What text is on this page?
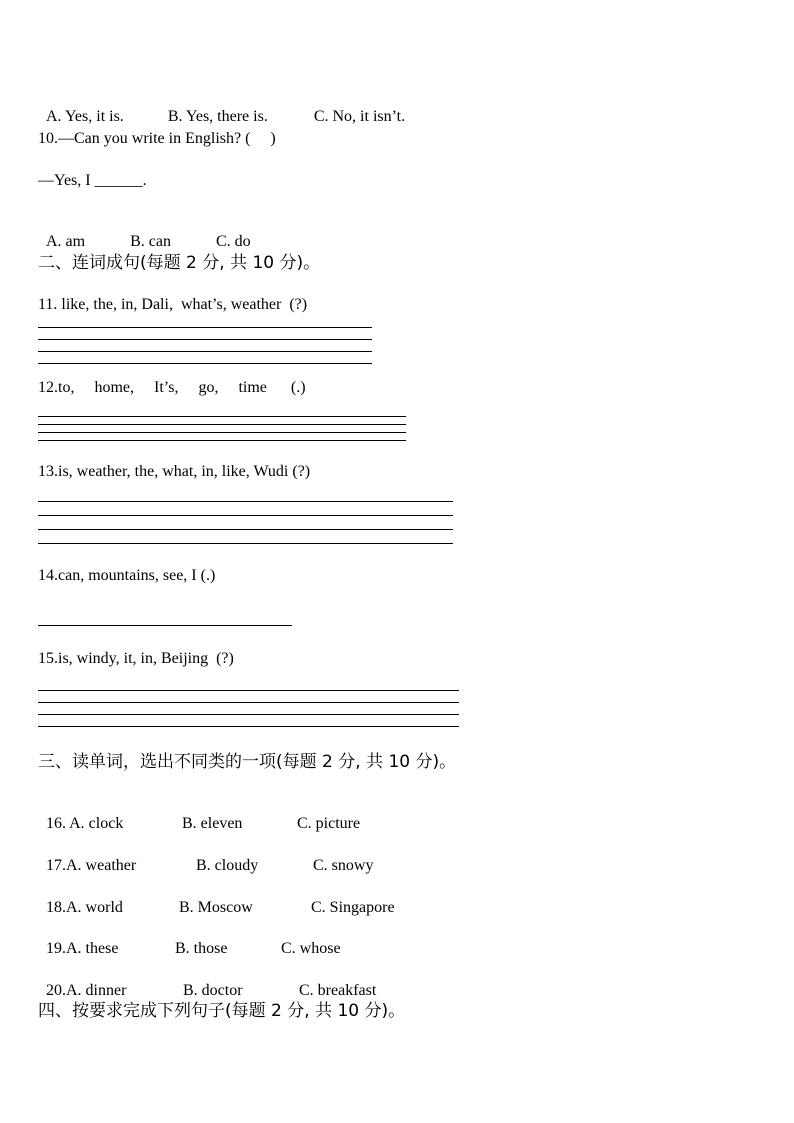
A. Yes, it is.	B. Yes, there is.	C. No, it isn’t.

10.—Can you write in English? (     )
—Yes, I ______.

A. am	B. can	C. do

二、连词成句(每题 2 分, 共 10 分)。
11. like, the, in, Dali,  what’s, weather  (?)
12.to,     home,     It’s,     go,     time      (.)
13.is, weather, the, what, in, like, Wudi (?)
14.can, mountains, see, I (.)
15.is, windy, it, in, Beijing  (?)
三、读单词，选出不同类的一项(每题 2 分, 共 10 分)。

16. A. clock	B. eleven	C. picture

17.A. weather	B. cloudy	C. snowy

18.A. world	B. Moscow	C. Singapore

19.A. these	B. those	C. whose

20.A. dinner	B. doctor	C. breakfast

四、按要求完成下列句子(每题 2 分, 共 10 分)。
